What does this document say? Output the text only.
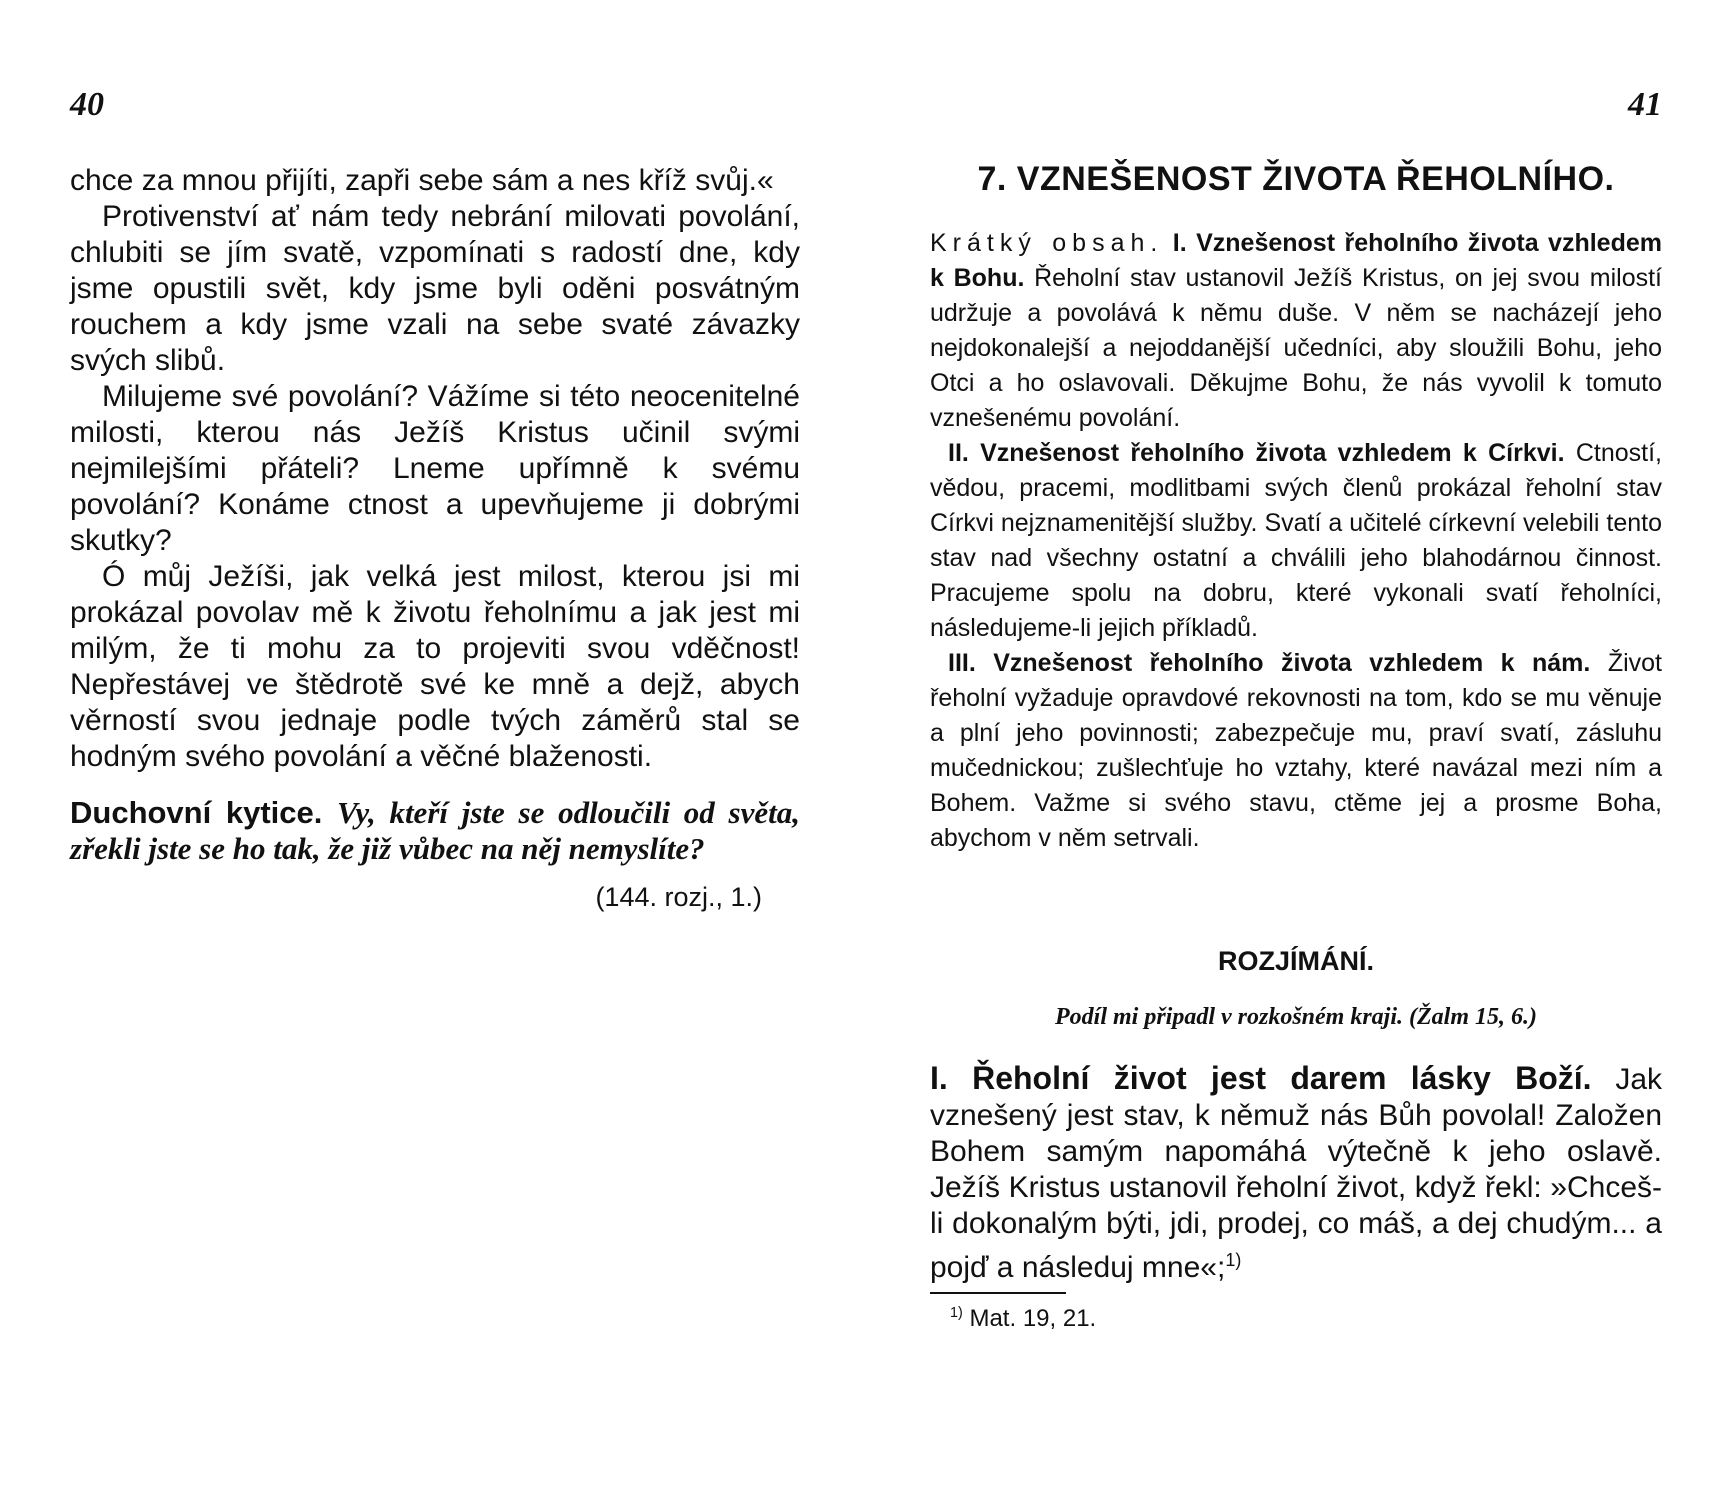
40

chce za mnou přijíti, zapři sebe sám a nes kříž svůj.«

Protivenství ať nám tedy nebrání milovati povolání, chlubiti se jím svatě, vzpomínati s radostí dne, kdy jsme opustili svět, kdy jsme byli oděni posvátným rouchem a kdy jsme vzali na sebe svaté závazky svých slibů.

Milujeme své povolání? Vážíme si této neocenitelné milosti, kterou nás Ježíš Kristus učinil svými nejmilejšími přáteli? Lneme upřímně k svému povolání? Konáme ctnost a upevňujeme ji dobrými skutky?

Ó můj Ježíši, jak velká jest milost, kterou jsi mi prokázal povolav mě k životu řeholnímu a jak jest mi milým, že ti mohu za to projeviti svou vděčnost! Nepřestávej ve štědrotě své ke mně a dejž, abych věrností svou jednaje podle tvých záměrů stal se hodným svého povolání a věčné blaženosti.

Duchovní kytice. Vy, kteří jste se odloučili od světa, zřekli jste se ho tak, že již vůbec na něj nemyslíte?

(144. rozj., 1.)

41
7. VZNEŠENOST ŽIVOTA ŘEHOLNÍHO.

Krátký obsah. I. Vznešenost řeholního života vzhledem k Bohu. Řeholní stav ustanovil Ježíš Kristus, on jej svou milostí udržuje a povolává k němu duše. V něm se nacházejí jeho nejdokonalejší a nejoddanější učedníci, aby sloužili Bohu, jeho Otci a ho oslavovali. Děkujme Bohu, že nás vyvolil k tomuto vznešenému povolání.

II. Vznešenost řeholního života vzhledem k Církvi. Ctností, vědou, pracemi, modlitbami svých členů prokázal řeholní stav Církvi nejznamenitější služby. Svatí a učitelé církevní velebili tento stav nad všechny ostatní a chválili jeho blahodárnou činnost. Pracujeme spolu na dobru, které vykonali svatí řeholníci, následujeme-li jejich příkladů.

III. Vznešenost řeholního života vzhledem k nám. Život řeholní vyžaduje opravdové rekovnosti na tom, kdo se mu věnuje a plní jeho povinnosti; zabezpečuje mu, praví svatí, zásluhu mučednickou; zušlechťuje ho vztahy, které navázal mezi ním a Bohem. Važme si svého stavu, ctěme jej a prosme Boha, abychom v něm setrvali.

ROZJÍMÁNÍ.
Podíl mi připadl v rozkošném kraji. (Žalm 15, 6.)

I. Řeholní život jest darem lásky Boží. Jak vznešený jest stav, k němuž nás Bůh povolal! Založen Bohem samým napomáhá výtečně k jeho oslavě. Ježíš Kristus ustanovil řeholní život, když řekl: »Chceš-li dokonalým býti, jdi, prodej, co máš, a dej chudým... a pojď a následuj mne«;$^{1)}$

$^{1)}$ Mat. 19, 21.
